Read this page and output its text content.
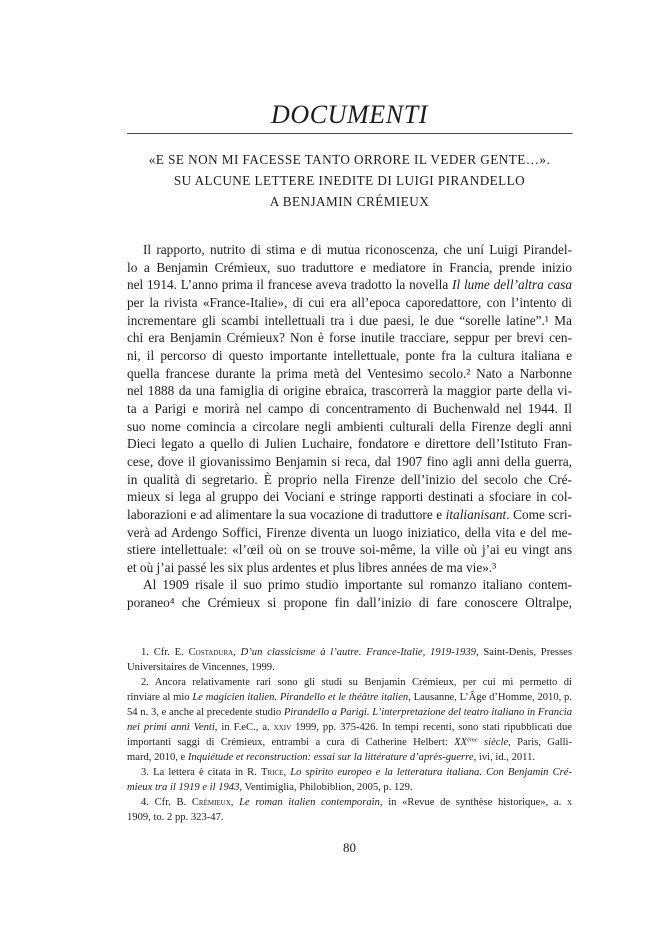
DOCUMENTI
«E SE NON MI FACESSE TANTO ORRORE IL VEDER GENTE…».
SU ALCUNE LETTERE INEDITE DI LUIGI PIRANDELLO
A BENJAMIN CRÉMIEUX
Il rapporto, nutrito di stima e di mutua riconoscenza, che uní Luigi Pirandel-
lo a Benjamin Crémieux, suo traduttore e mediatore in Francia, prende inizio
nel 1914. L’anno prima il francese aveva tradotto la novella Il lume dell’altra casa
per la rivista «France-Italie», di cui era all’epoca caporedattore, con l’intento di
incrementare gli scambi intellettuali tra i due paesi, le due “sorelle latine”.¹ Ma
chi era Benjamin Crémieux? Non è forse inutile tracciare, seppur per brevi cen-
ni, il percorso di questo importante intellettuale, ponte fra la cultura italiana e
quella francese durante la prima metà del Ventesimo secolo.² Nato a Narbonne
nel 1888 da una famiglia di origine ebraica, trascorrerà la maggior parte della vi-
ta a Parigi e morirà nel campo di concentramento di Buchenwald nel 1944. Il
suo nome comincia a circolare negli ambienti culturali della Firenze degli anni
Dieci legato a quello di Julien Luchaire, fondatore e direttore dell’Istituto Fran-
cese, dove il giovanissimo Benjamin si reca, dal 1907 fino agli anni della guerra,
in qualità di segretario. È proprio nella Firenze dell’inizio del secolo che Cré-
mieux si lega al gruppo dei Vociani e stringe rapporti destinati a sfociare in col-
laborazioni e ad alimentare la sua vocazione di traduttore e italianisant. Come scri-
verà ad Ardengo Soffici, Firenze diventa un luogo iniziatico, della vita e del me-
stiere intellettuale: «l’œil où on se trouve soi-même, la ville où j’ai eu vingt ans
et où j’ai passé les six plus ardentes et plus libres années de ma vie».³
Al 1909 risale il suo primo studio importante sul romanzo italiano contem-
poraneo⁴ che Crémieux si propone fin dall’inizio di fare conoscere Oltralpe,
1. Cfr. E. Costadura, D’un classicisme à l’autre. France-Italie, 1919-1939, Saint-Denis, Presses
Universitaires de Vincennes, 1999.
2. Ancora relativamente rari sono gli studi su Benjamin Crémieux, per cui mi permetto di
rinviare al mio Le magicien italien. Pirandello et le théâtre italien, Lausanne, L’Âge d’Homme, 2010, p.
54 n. 3, e anche al precedente studio Pirandello a Parigi. L’interpretazione del teatro italiano in Francia
nei primi anni Venti, in F.eC., a. xxiv 1999, pp. 375-426. In tempi recenti, sono stati ripubblicati due
importanti saggi di Crémieux, entrambi a cura di Catherine Helbert: XXème siècle, Paris, Galli-
mard, 2010, e Inquiétude et reconstruction: essai sur la littérature d’après-guerre, ivi, id., 2011.
3. La lettera è citata in R. Trice, Lo spirito europeo e la letteratura italiana. Con Benjamin Cré-
mieux tra il 1919 e il 1943, Ventimiglia, Philobiblion, 2005, p. 129.
4. Cfr. B. Crémieux, Le roman italien contemporain, in «Revue de synthèse historique», a. x
1909, to. 2 pp. 323-47.
80
